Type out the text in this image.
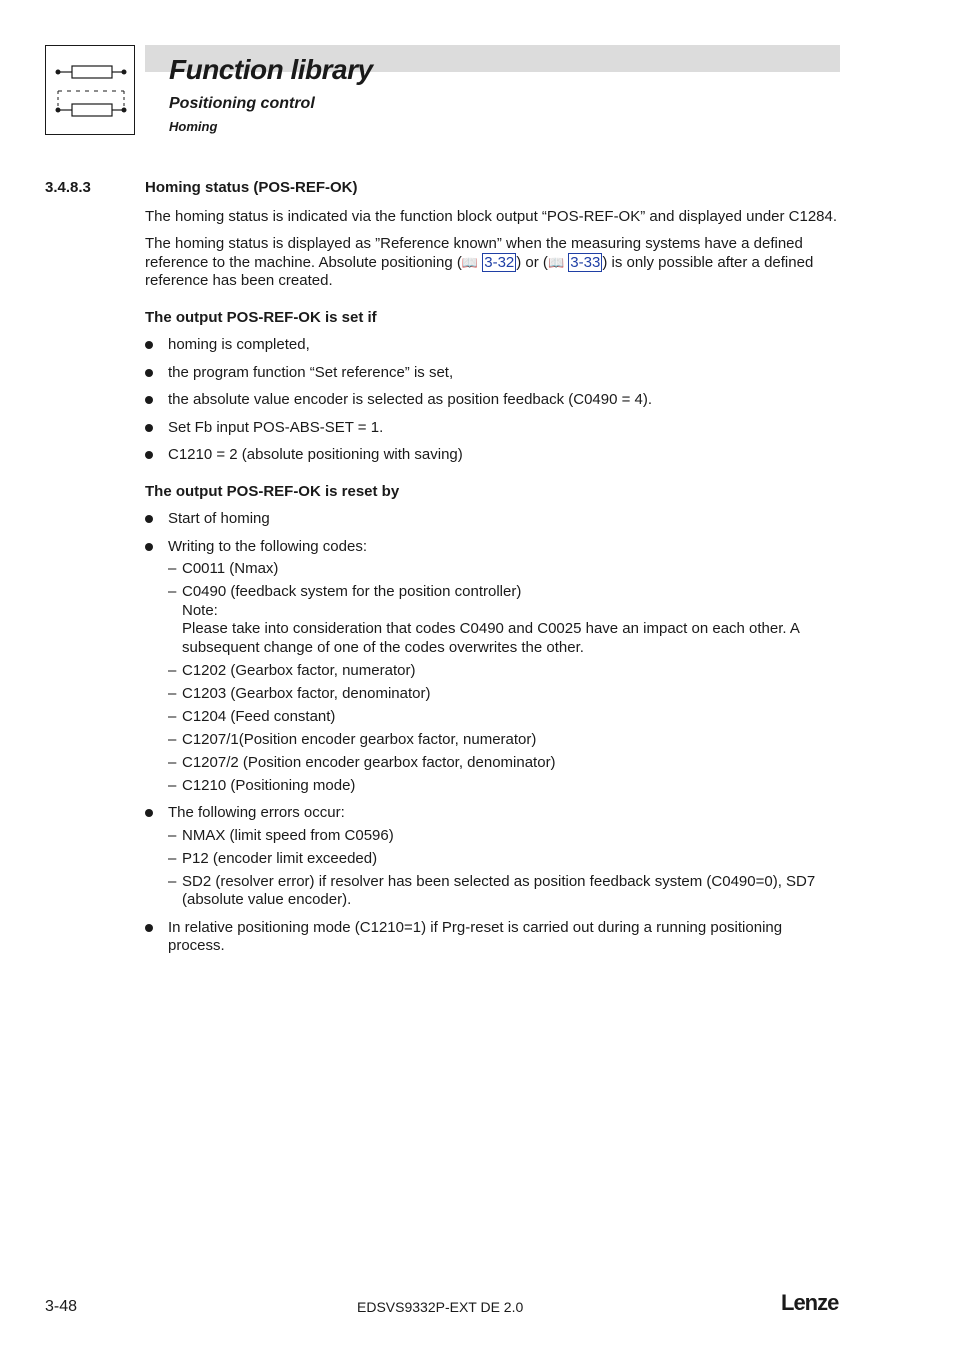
Function library
Positioning control
Homing
3.4.8.3	Homing status (POS-REF-OK)

The homing status is indicated via the function block output “POS-REF-OK” and displayed under C1284.

The homing status is displayed as ”Reference known” when the measuring systems have a defined reference to the machine. Absolute positioning (📖 3-32 ) or (📖 3-33 ) is only possible after a defined reference has been created.

The output POS-REF-OK is set if
homing is completed,
the program function “Set reference” is set,
the absolute value encoder is selected as position feedback (C0490 = 4).
Set Fb input POS-ABS-SET = 1.
C1210 = 2 (absolute positioning with saving)
The output POS-REF-OK is reset by
Start of homing
Writing to the following codes:
– C0011 (Nmax)
– C0490 (feedback system for the position controller)
Note:
Please take into consideration that codes C0490 and C0025 have an impact on each other. A subsequent change of one of the codes overwrites the other.
– C1202 (Gearbox factor, numerator)
– C1203 (Gearbox factor, denominator)
– C1204 (Feed constant)
– C1207/1(Position encoder gearbox factor, numerator)
– C1207/2 (Position encoder gearbox factor, denominator)
– C1210 (Positioning mode)
The following errors occur:
– NMAX (limit speed from C0596)
– P12 (encoder limit exceeded)
– SD2 (resolver error) if resolver has been selected as position feedback system (C0490=0), SD7 (absolute value encoder).
In relative positioning mode (C1210=1) if Prg-reset is carried out during a running positioning process.
3-48	EDSVS9332P-EXT DE 2.0	Lenze
